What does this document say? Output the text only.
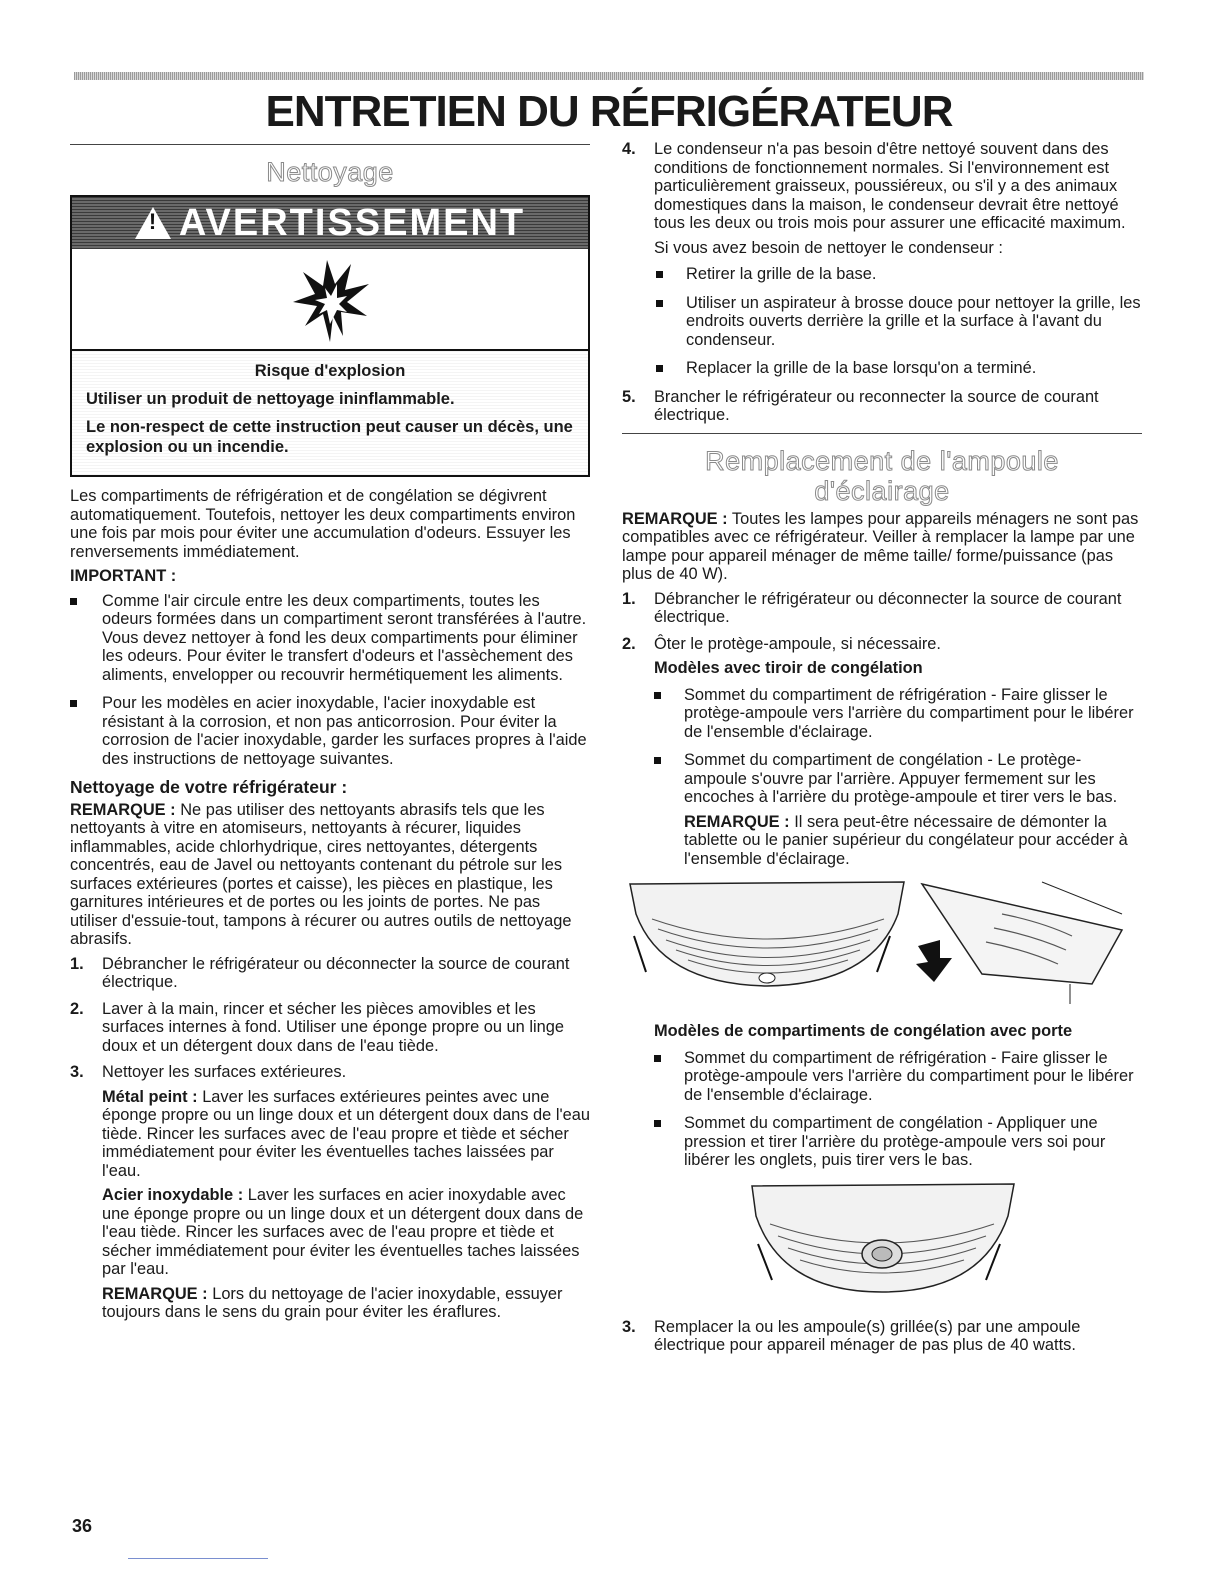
ENTRETIEN DU RÉFRIGÉRATEUR
Nettoyage
! AVERTISSEMENT

Risque d'explosion

Utiliser un produit de nettoyage ininflammable.

Le non-respect de cette instruction peut causer un décès, une explosion ou un incendie.

Les compartiments de réfrigération et de congélation se dégivrent automatiquement. Toutefois, nettoyer les deux compartiments environ une fois par mois pour éviter une accumulation d'odeurs. Essuyer les renversements immédiatement.

IMPORTANT :

Comme l'air circule entre les deux compartiments, toutes les odeurs formées dans un compartiment seront transférées à l'autre. Vous devez nettoyer à fond les deux compartiments pour éliminer les odeurs. Pour éviter le transfert d'odeurs et l'assèchement des aliments, envelopper ou recouvrir hermétiquement les aliments.
Pour les modèles en acier inoxydable, l'acier inoxydable est résistant à la corrosion, et non pas anticorrosion. Pour éviter la corrosion de l'acier inoxydable, garder les surfaces propres à l'aide des instructions de nettoyage suivantes.
Nettoyage de votre réfrigérateur :

REMARQUE : Ne pas utiliser des nettoyants abrasifs tels que les nettoyants à vitre en atomiseurs, nettoyants à récurer, liquides inflammables, acide chlorhydrique, cires nettoyantes, détergents concentrés, eau de Javel ou nettoyants contenant du pétrole sur les surfaces extérieures (portes et caisse), les pièces en plastique, les garnitures intérieures et de portes ou les joints de portes. Ne pas utiliser d'essuie-tout, tampons à récurer ou autres outils de nettoyage abrasifs.

1. Débrancher le réfrigérateur ou déconnecter la source de courant électrique.
2. Laver à la main, rincer et sécher les pièces amovibles et les surfaces internes à fond. Utiliser une éponge propre ou un linge doux et un détergent doux dans de l'eau tiède.
3. Nettoyer les surfaces extérieures.

Métal peint : Laver les surfaces extérieures peintes avec une éponge propre ou un linge doux et un détergent doux dans de l'eau tiède. Rincer les surfaces avec de l'eau propre et tiède et sécher immédiatement pour éviter les éventuelles taches laissées par l'eau.

Acier inoxydable : Laver les surfaces en acier inoxydable avec une éponge propre ou un linge doux et un détergent doux dans de l'eau tiède. Rincer les surfaces avec de l'eau propre et tiède et sécher immédiatement pour éviter les éventuelles taches laissées par l'eau.

REMARQUE : Lors du nettoyage de l'acier inoxydable, essuyer toujours dans le sens du grain pour éviter les éraflures.

4. Le condenseur n'a pas besoin d'être nettoyé souvent dans des conditions de fonctionnement normales. Si l'environnement est particulièrement graisseux, poussiéreux, ou s'il y a des animaux domestiques dans la maison, le condenseur devrait être nettoyé tous les deux ou trois mois pour assurer une efficacité maximum.

Si vous avez besoin de nettoyer le condenseur :

Retirer la grille de la base.
Utiliser un aspirateur à brosse douce pour nettoyer la grille, les endroits ouverts derrière la grille et la surface à l'avant du condenseur.
Replacer la grille de la base lorsqu'on a terminé.
5. Brancher le réfrigérateur ou reconnecter la source de courant électrique.
Remplacement de l'ampoule
d'éclairage

REMARQUE : Toutes les lampes pour appareils ménagers ne sont pas compatibles avec ce réfrigérateur. Veiller à remplacer la lampe par une lampe pour appareil ménager de même taille/ forme/puissance (pas plus de 40 W).

1. Débrancher le réfrigérateur ou déconnecter la source de courant électrique.
2. Ôter le protège-ampoule, si nécessaire.
Modèles avec tiroir de congélation
Sommet du compartiment de réfrigération - Faire glisser le protège-ampoule vers l'arrière du compartiment pour le libérer de l'ensemble d'éclairage.
Sommet du compartiment de congélation - Le protège-ampoule s'ouvre par l'arrière. Appuyer fermement sur les encoches à l'arrière du protège-ampoule et tirer vers le bas.

REMARQUE : Il sera peut-être nécessaire de démonter la tablette ou le panier supérieur du congélateur pour accéder à l'ensemble d'éclairage.

Modèles de compartiments de congélation avec porte
Sommet du compartiment de réfrigération - Faire glisser le protège-ampoule vers l'arrière du compartiment pour le libérer de l'ensemble d'éclairage.
Sommet du compartiment de congélation - Appliquer une pression et tirer l'arrière du protège-ampoule vers soi pour libérer les onglets, puis tirer vers le bas.
3. Remplacer la ou les ampoule(s) grillée(s) par une ampoule électrique pour appareil ménager de pas plus de 40 watts.
36
